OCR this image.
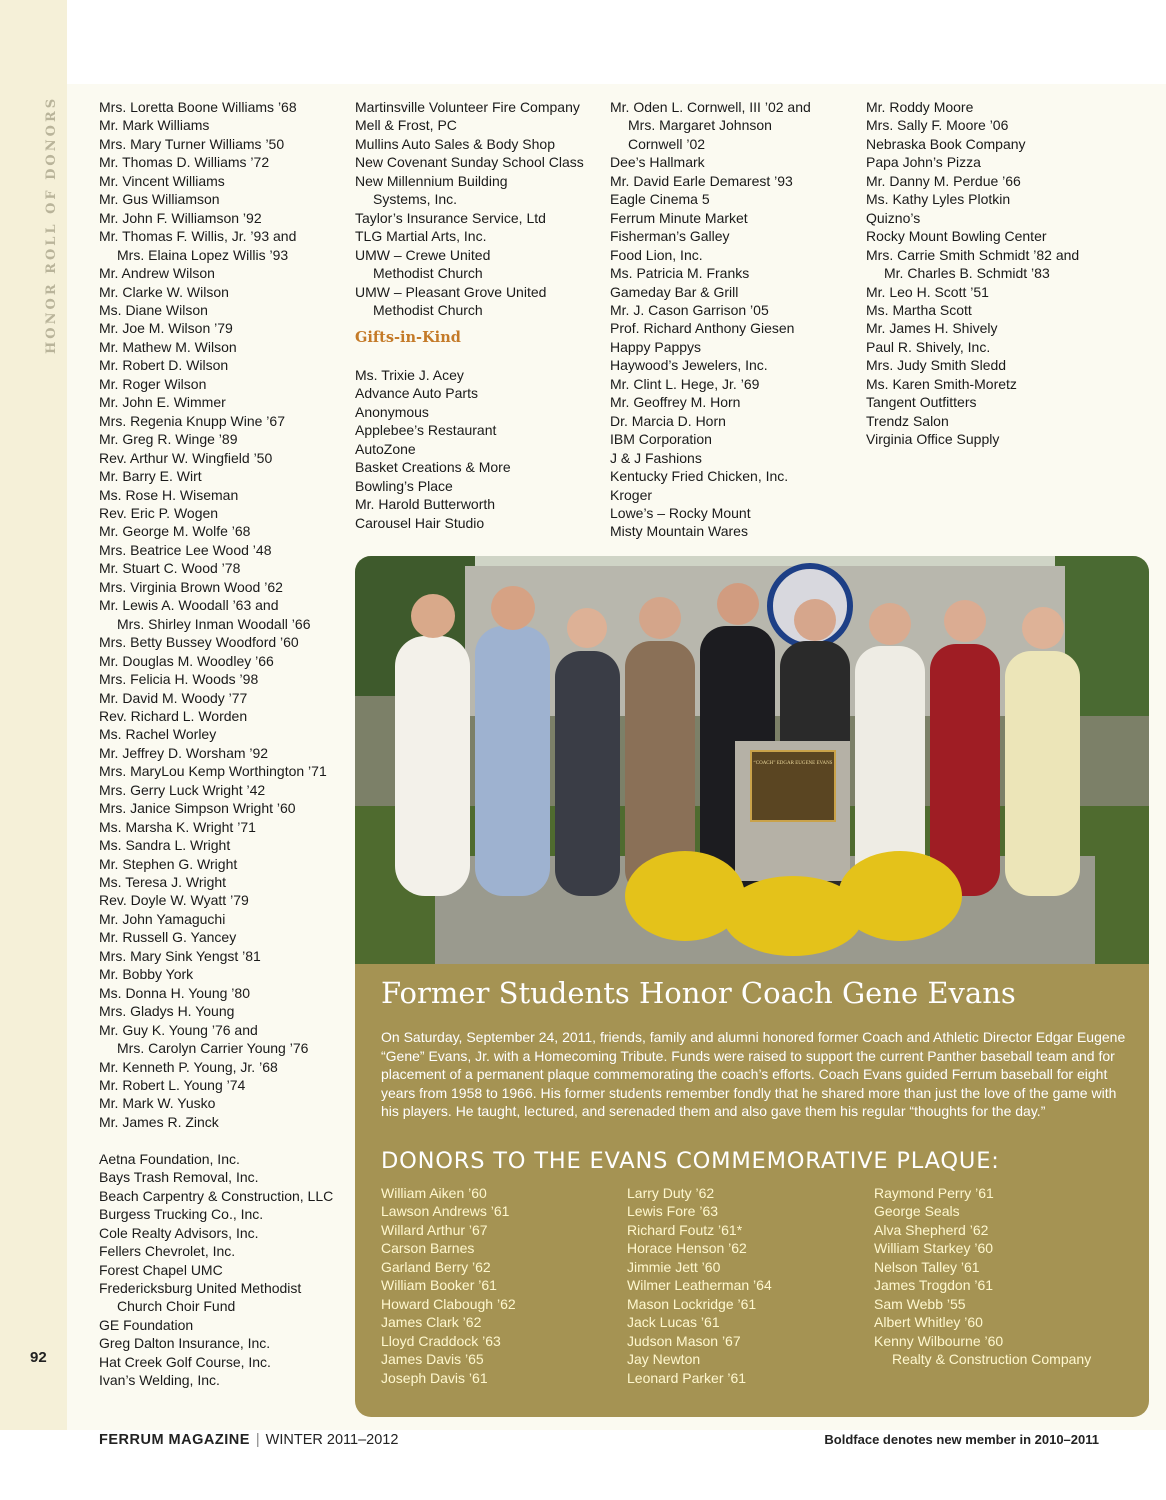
HONOR ROLL OF DONORS
92
Mrs. Loretta Boone Williams ’68
Mr. Mark Williams
Mrs. Mary Turner Williams ’50
Mr. Thomas D. Williams ’72
Mr. Vincent Williams
Mr. Gus Williamson
Mr. John F. Williamson ’92
Mr. Thomas F. Willis, Jr. ’93 and
Mrs. Elaina Lopez Willis ’93
Mr. Andrew Wilson
Mr. Clarke W. Wilson
Ms. Diane Wilson
Mr. Joe M. Wilson ’79
Mr. Mathew M. Wilson
Mr. Robert D. Wilson
Mr. Roger Wilson
Mr. John E. Wimmer
Mrs. Regenia Knupp Wine ’67
Mr. Greg R. Winge ’89
Rev. Arthur W. Wingfield ’50
Mr. Barry E. Wirt
Ms. Rose H. Wiseman
Rev. Eric P. Wogen
Mr. George M. Wolfe ’68
Mrs. Beatrice Lee Wood ’48
Mr. Stuart C. Wood ’78
Mrs. Virginia Brown Wood ’62
Mr. Lewis A. Woodall ’63 and
Mrs. Shirley Inman Woodall ’66
Mrs. Betty Bussey Woodford ’60
Mr. Douglas M. Woodley ’66
Mrs. Felicia H. Woods ’98
Mr. David M. Woody ’77
Rev. Richard L. Worden
Ms. Rachel Worley
Mr. Jeffrey D. Worsham ’92
Mrs. MaryLou Kemp Worthington ’71
Mrs. Gerry Luck Wright ’42
Mrs. Janice Simpson Wright ’60
Ms. Marsha K. Wright ’71
Ms. Sandra L. Wright
Mr. Stephen G. Wright
Ms. Teresa J. Wright
Rev. Doyle W. Wyatt ’79
Mr. John Yamaguchi
Mr. Russell G. Yancey
Mrs. Mary Sink Yengst ’81
Mr. Bobby York
Ms. Donna H. Young ’80
Mrs. Gladys H. Young
Mr. Guy K. Young ’76 and
Mrs. Carolyn Carrier Young ’76
Mr. Kenneth P. Young, Jr. ’68
Mr. Robert L. Young ’74
Mr. Mark W. Yusko
Mr. James R. Zinck
Aetna Foundation, Inc.
Bays Trash Removal, Inc.
Beach Carpentry & Construction, LLC
Burgess Trucking Co., Inc.
Cole Realty Advisors, Inc.
Fellers Chevrolet, Inc.
Forest Chapel UMC
Fredericksburg United Methodist
Church Choir Fund
GE Foundation
Greg Dalton Insurance, Inc.
Hat Creek Golf Course, Inc.
Ivan’s Welding, Inc.
Martinsville Volunteer Fire Company
Mell & Frost, PC
Mullins Auto Sales & Body Shop
New Covenant Sunday School Class
New Millennium Building
Systems, Inc.
Taylor’s Insurance Service, Ltd
TLG Martial Arts, Inc.
UMW – Crewe United
Methodist Church
UMW – Pleasant Grove United
Methodist Church
Gifts-in-Kind
Ms. Trixie J. Acey
Advance Auto Parts
Anonymous
Applebee’s Restaurant
AutoZone
Basket Creations & More
Bowling’s Place
Mr. Harold Butterworth
Carousel Hair Studio
Mr. Oden L. Cornwell, III ’02 and
Mrs. Margaret Johnson
Cornwell ’02
Dee’s Hallmark
Mr. David Earle Demarest ’93
Eagle Cinema 5
Ferrum Minute Market
Fisherman’s Galley
Food Lion, Inc.
Ms. Patricia M. Franks
Gameday Bar & Grill
Mr. J. Cason Garrison ’05
Prof. Richard Anthony Giesen
Happy Pappys
Haywood’s Jewelers, Inc.
Mr. Clint L. Hege, Jr. ’69
Mr. Geoffrey M. Horn
Dr. Marcia D. Horn
IBM Corporation
J & J Fashions
Kentucky Fried Chicken, Inc.
Kroger
Lowe’s – Rocky Mount
Misty Mountain Wares
Mr. Roddy Moore
Mrs. Sally F. Moore ’06
Nebraska Book Company
Papa John’s Pizza
Mr. Danny M. Perdue ’66
Ms. Kathy Lyles Plotkin
Quizno’s
Rocky Mount Bowling Center
Mrs. Carrie Smith Schmidt ’82 and
Mr. Charles B. Schmidt ’83
Mr. Leo H. Scott ’51
Ms. Martha Scott
Mr. James H. Shively
Paul R. Shively, Inc.
Mrs. Judy Smith Sledd
Ms. Karen Smith-Moretz
Tangent Outfitters
Trendz Salon
Virginia Office Supply
“COACH” EDGAR EUGENE EVANS
Former Students Honor Coach Gene Evans
On Saturday, September 24, 2011, friends, family and alumni honored former Coach and Athletic Director Edgar Eugene “Gene” Evans, Jr. with a Homecoming Tribute. Funds were raised to support the current Panther baseball team and for placement of a permanent plaque commemorating the coach’s efforts. Coach Evans guided Ferrum baseball for eight years from 1958 to 1966. His former students remember fondly that he shared more than just the love of the game with his players. He taught, lectured, and serenaded them and also gave them his regular “thoughts for the day.”
DONORS TO THE EVANS COMMEMORATIVE PLAQUE:
William Aiken ’60
Lawson Andrews ’61
Willard Arthur ’67
Carson Barnes
Garland Berry ’62
William Booker ’61
Howard Clabough ’62
James Clark ’62
Lloyd Craddock ’63
James Davis ’65
Joseph Davis ’61
Larry Duty ’62
Lewis Fore ’63
Richard Foutz ’61*
Horace Henson ’62
Jimmie Jett ’60
Wilmer Leatherman ’64
Mason Lockridge ’61
Jack Lucas ’61
Judson Mason ’67
Jay Newton
Leonard Parker ’61
Raymond Perry ’61
George Seals
Alva Shepherd ’62
William Starkey ’60
Nelson Talley ’61
James Trogdon ’61
Sam Webb ’55
Albert Whitley ’60
Kenny Wilbourne ’60
Realty & Construction Company
FERRUM MAGAZINE | WINTER 2011–2012	Boldface denotes new member in 2010–2011
